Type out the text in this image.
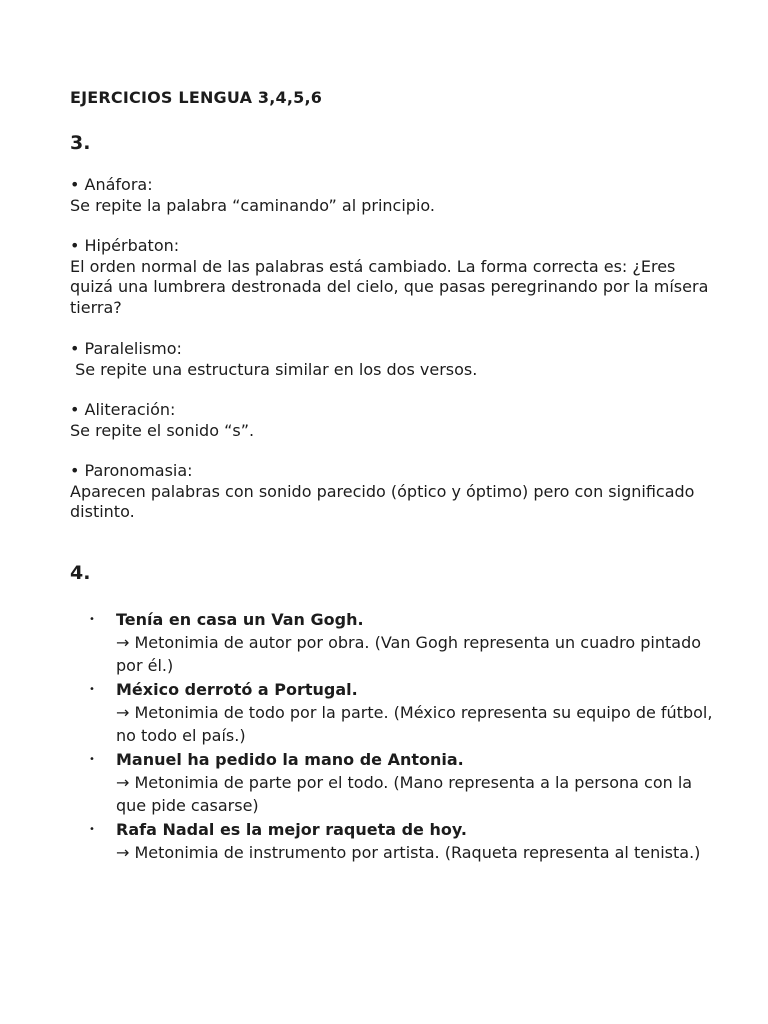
EJERCICIOS LENGUA 3,4,5,6
3.
• Anáfora:
Se repite la palabra “caminando” al principio.
• Hipérbaton:
El orden normal de las palabras está cambiado. La forma correcta es: ¿Eres quizá una lumbrera destronada del cielo, que pasas peregrinando por la mísera tierra?
• Paralelismo:
Se repite una estructura similar en los dos versos.
• Aliteración:
Se repite el sonido “s”.
• Paronomasia:
Aparecen palabras con sonido parecido (óptico y óptimo) pero con significado distinto.
4.
• Tenía en casa un Van Gogh.
→ Metonimia de autor por obra. (Van Gogh representa un cuadro pintado por él.)
• México derrotó a Portugal.
→ Metonimia de todo por la parte. (México representa su equipo de fútbol, no todo el país.)
• Manuel ha pedido la mano de Antonia.
→ Metonimia de parte por el todo. (Mano representa a la persona con la que pide casarse)
• Rafa Nadal es la mejor raqueta de hoy.
→ Metonimia de instrumento por artista. (Raqueta representa al tenista.)
